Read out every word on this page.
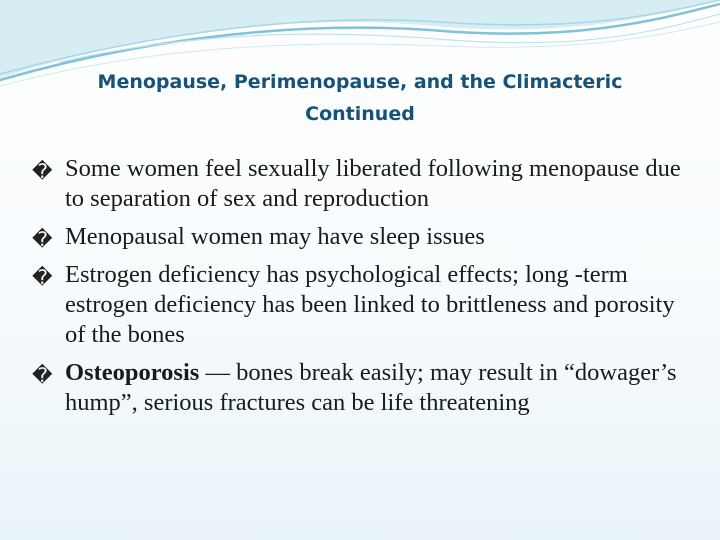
Menopause, Perimenopause, and the Climacteric
Continued
� Some women feel sexually liberated following menopause due to separation of sex and reproduction
� Menopausal women may have sleep issues
� Estrogen deficiency has psychological effects; long -term estrogen deficiency has been linked to brittleness and porosity of the bones
� Osteoporosis — bones break easily; may result in “dowager’s hump”, serious fractures can be life threatening
